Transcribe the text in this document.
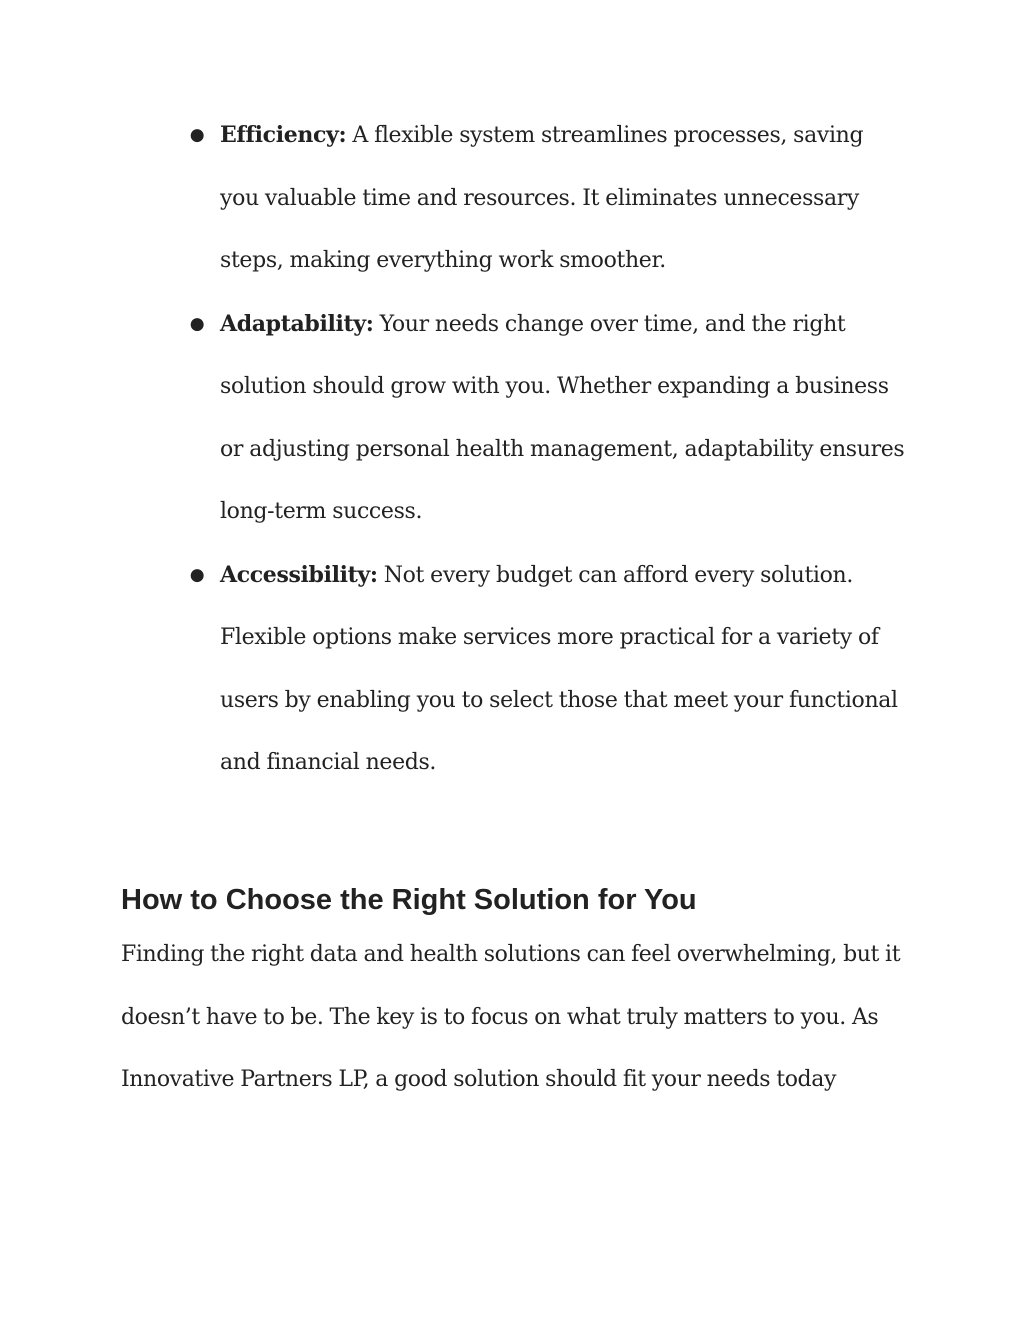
● Efficiency: A flexible system streamlines processes, saving you valuable time and resources. It eliminates unnecessary steps, making everything work smoother.
● Adaptability: Your needs change over time, and the right solution should grow with you. Whether expanding a business or adjusting personal health management, adaptability ensures long-term success.
● Accessibility: Not every budget can afford every solution. Flexible options make services more practical for a variety of users by enabling you to select those that meet your functional and financial needs.
How to Choose the Right Solution for You

Finding the right data and health solutions can feel overwhelming, but it doesn’t have to be. The key is to focus on what truly matters to you. As Innovative Partners LP, a good solution should fit your needs today
